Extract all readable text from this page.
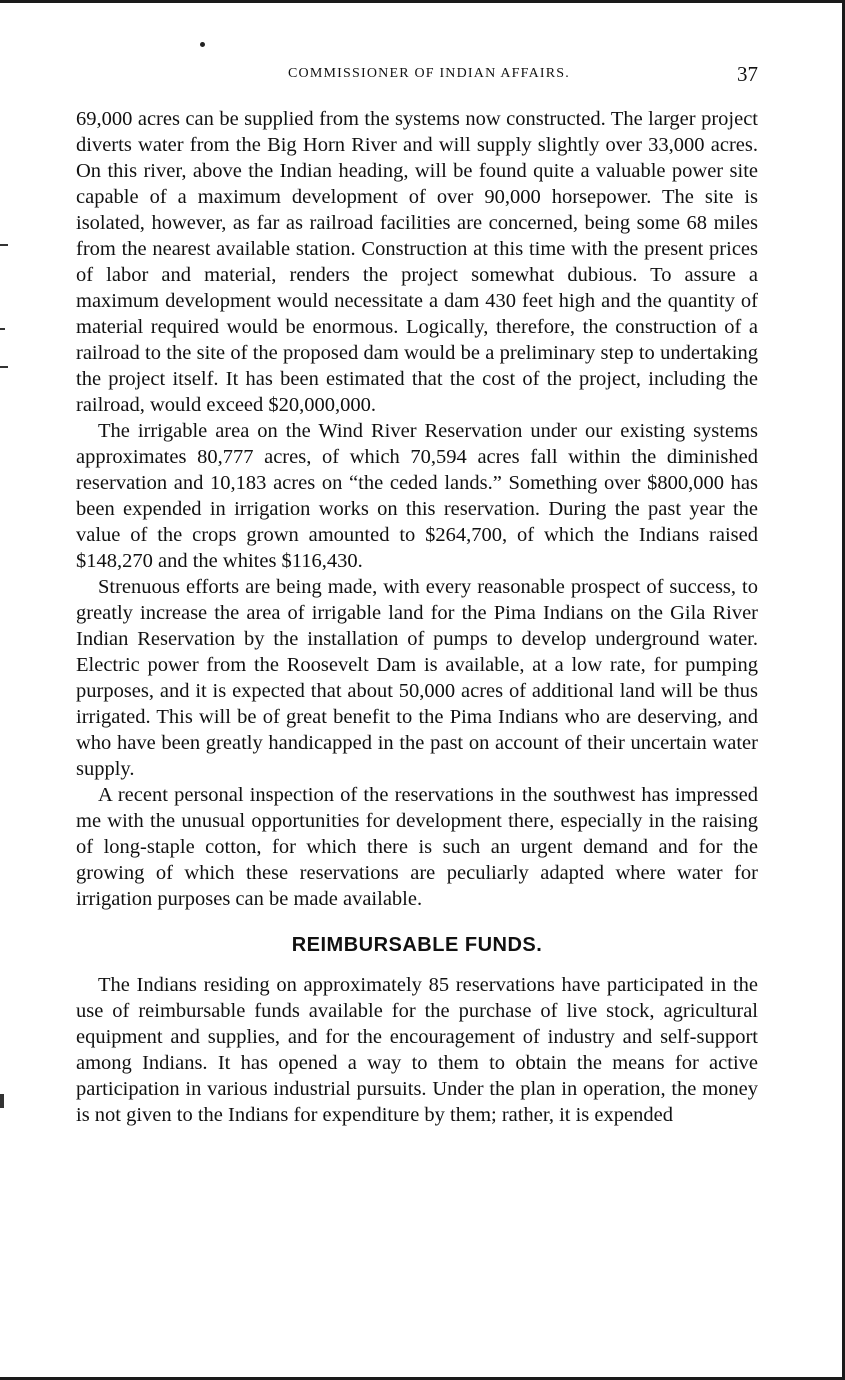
COMMISSIONER OF INDIAN AFFAIRS.	37

69,000 acres can be supplied from the systems now constructed. The larger project diverts water from the Big Horn River and will supply slightly over 33,000 acres. On this river, above the Indian heading, will be found quite a valuable power site capable of a maximum development of over 90,000 horsepower. The site is isolated, however, as far as railroad facilities are concerned, being some 68 miles from the nearest available station. Construction at this time with the present prices of labor and material, renders the project somewhat dubious. To assure a maximum development would necessitate a dam 430 feet high and the quantity of material required would be enormous. Logically, therefore, the construction of a railroad to the site of the proposed dam would be a preliminary step to undertaking the project itself. It has been estimated that the cost of the project, including the railroad, would exceed $20,000,000.

The irrigable area on the Wind River Reservation under our existing systems approximates 80,777 acres, of which 70,594 acres fall within the diminished reservation and 10,183 acres on “the ceded lands.” Something over $800,000 has been expended in irrigation works on this reservation. During the past year the value of the crops grown amounted to $264,700, of which the Indians raised $148,270 and the whites $116,430.

Strenuous efforts are being made, with every reasonable prospect of success, to greatly increase the area of irrigable land for the Pima Indians on the Gila River Indian Reservation by the installation of pumps to develop underground water. Electric power from the Roosevelt Dam is available, at a low rate, for pumping purposes, and it is expected that about 50,000 acres of additional land will be thus irrigated. This will be of great benefit to the Pima Indians who are deserving, and who have been greatly handicapped in the past on account of their uncertain water supply.

A recent personal inspection of the reservations in the southwest has impressed me with the unusual opportunities for development there, especially in the raising of long-staple cotton, for which there is such an urgent demand and for the growing of which these reservations are peculiarly adapted where water for irrigation purposes can be made available.

REIMBURSABLE FUNDS.

The Indians residing on approximately 85 reservations have participated in the use of reimbursable funds available for the purchase of live stock, agricultural equipment and supplies, and for the encouragement of industry and self-support among Indians. It has opened a way to them to obtain the means for active participation in various industrial pursuits. Under the plan in operation, the money is not given to the Indians for expenditure by them; rather, it is expended
